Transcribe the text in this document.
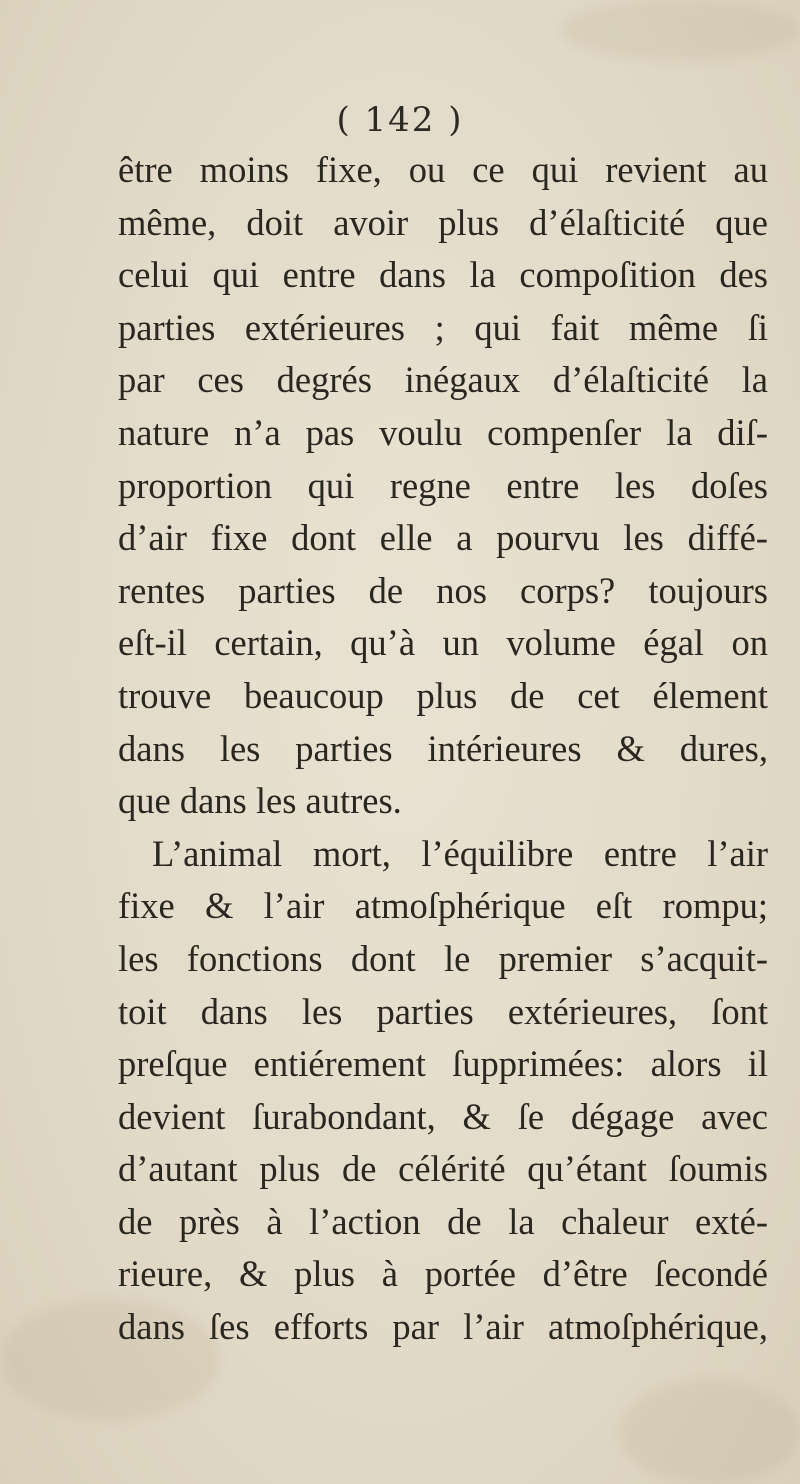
( 142 )
être moins fixe, ou ce qui revient au
même, doit avoir plus d’élaſticité que
celui qui entre dans la compoſition des
parties extérieures ; qui fait même ſi
par ces degrés inégaux d’élaſticité la
nature n’a pas voulu compenſer la diſ-
proportion qui regne entre les doſes
d’air fixe dont elle a pourvu les diffé-
rentes parties de nos corps? toujours
eſt-il certain, qu’à un volume égal on
trouve beaucoup plus de cet élement
dans les parties intérieures & dures,
que dans les autres.
L’animal mort, l’équilibre entre l’air
fixe & l’air atmoſphérique eſt rompu;
les fonctions dont le premier s’acquit-
toit dans les parties extérieures, ſont
preſque entiérement ſupprimées: alors il
devient ſurabondant, & ſe dégage avec
d’autant plus de célérité qu’étant ſoumis
de près à l’action de la chaleur exté-
rieure, & plus à portée d’être ſecondé
dans ſes efforts par l’air atmoſphérique,
